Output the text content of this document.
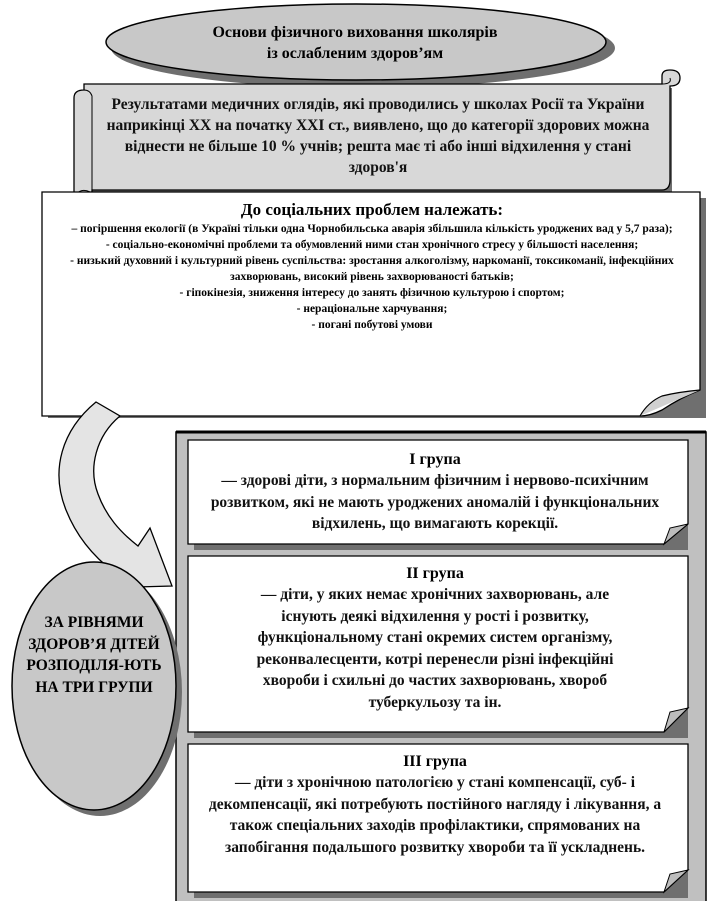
Основи фізичного виховання школярів
із ослабленим здоров’ям
Результатами медичних оглядів, які проводились у школах Росії та України наприкінці ХХ на початку ХХІ ст., виявлено, що до категорії здорових можна віднести не більше 10 % учнів; решта має ті або інші відхилення у стані здоров'я
До соціальних проблем належать:
– погіршення екології (в Україні тільки одна Чорнобильська аварія збільшила кількість уроджених вад у 5,7 раза);
- соціально-економічні проблеми та обумовлений ними стан хронічного стресу у більшості населення;
- низький духовний і культурний рівень суспільства: зростання алкоголізму, наркоманії, токсикоманії, інфекційних захворювань, високий рівень захворюваності батьків;
- гіпокінезія, зниження інтересу до занять фізичною культурою і спортом;
- нераціональне харчування;
- погані побутові умови
ЗА РІВНЯМИ ЗДОРОВ’Я ДІТЕЙ РОЗПОДІЛЯ-ЮТЬ НА ТРИ ГРУПИ
І група
— здорові діти, з нормальним фізичним і нервово-психічним розвитком, які не мають уроджених аномалій і функціональних відхилень, що вимагають корекції.
ІІ група
— діти, у яких немає хронічних захворювань, але існують деякі відхилення у рості і розвитку, функціональному стані окремих систем організму, реконвалесценти, котрі перенесли різні інфекційні хвороби і схильні до частих захворювань, хвороб туберкульозу та ін.
ІІІ група
— діти з хронічною патологією у стані компенсації, суб- і декомпенсації, які потребують постійного нагляду і лікування, а також спеціальних заходів профілактики, спрямованих на запобігання подальшого розвитку хвороби та її ускладнень.
